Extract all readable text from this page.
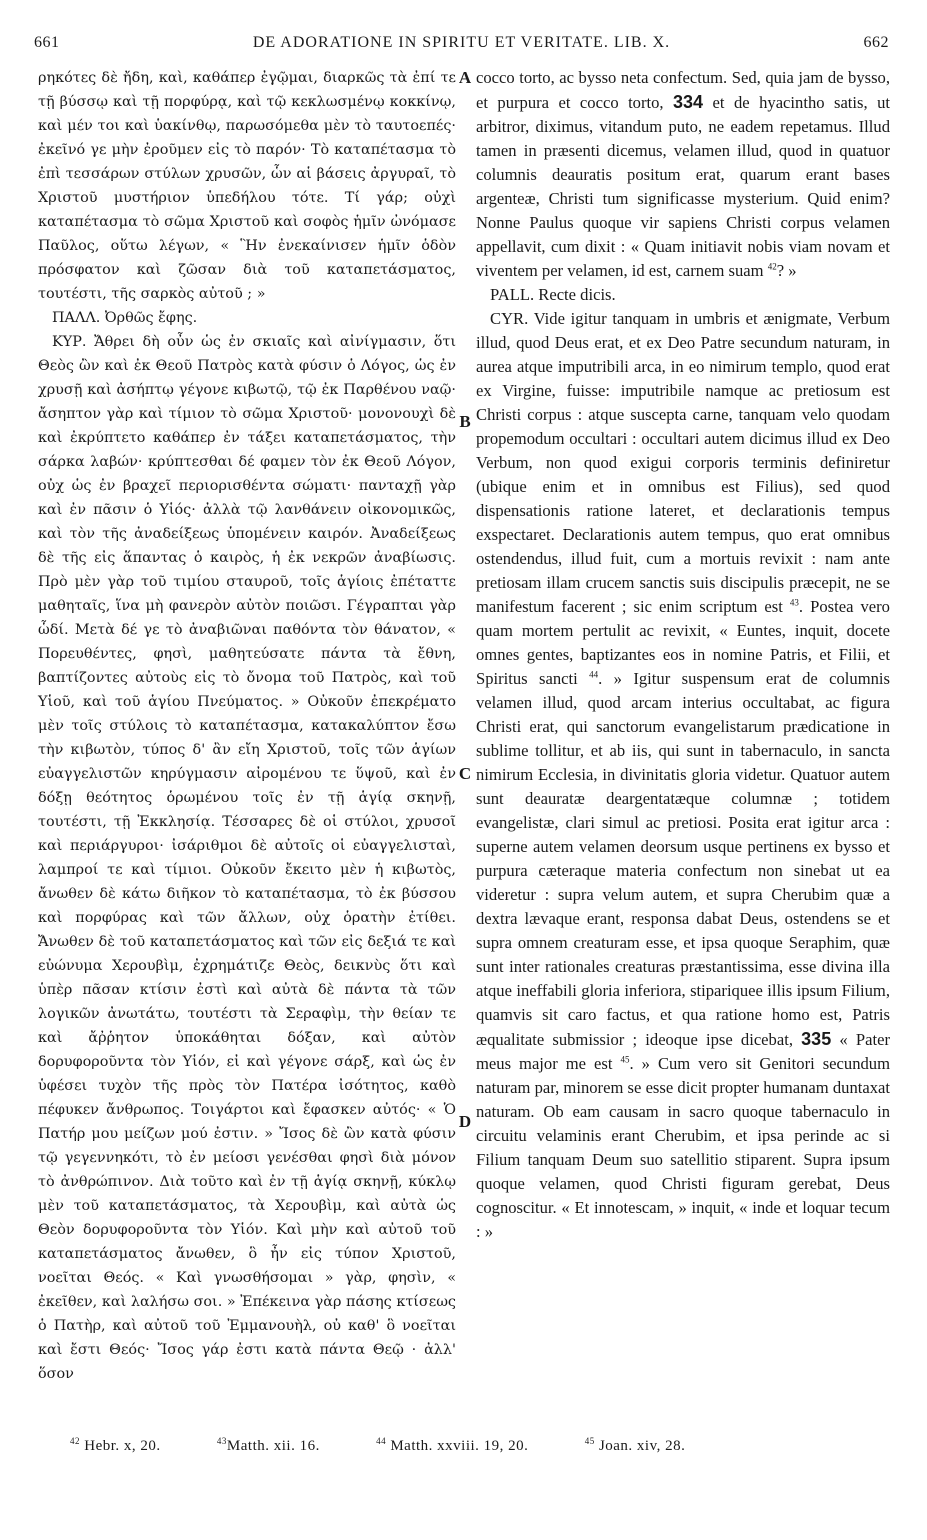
661	DE ADORATIONE IN SPIRITU ET VERITATE. LIB. X.	662

ρηκότες δὲ ἤδη, καὶ, καθάπερ ἐγῷμαι, διαρκῶς τὰ ἐπί τε τῇ βύσσῳ καὶ τῇ πορφύρᾳ, καὶ τῷ κεκλωσμένῳ κοκκίνῳ, καὶ μέν τοι καὶ ὑακίνθῳ, παρωσόμεθα μὲν τὸ ταυτοεπές· ἐκεῖνό γε μὴν ἐροῦμεν εἰς τὸ παρόν· Τὸ καταπέτασμα τὸ ἐπὶ τεσσάρων στύλων χρυσῶν, ὧν αἱ βάσεις ἀργυραῖ, τὸ Χριστοῦ μυστήριον ὑπεδήλου τότε. Τί γάρ; οὐχὶ καταπέτασμα τὸ σῶμα Χριστοῦ καὶ σοφὸς ἡμῖν ὠνόμασε Παῦλος, οὕτω λέγων, « Ἣν ἐνεκαίνισεν ἡμῖν ὁδὸν πρόσφατον καὶ ζῶσαν διὰ τοῦ καταπετάσματος, τουτέστι, τῆς σαρκὸς αὐτοῦ ; »

ΠΑΛΛ. Ὀρθῶς ἔφης.

ΚΥΡ. Ἄθρει δὴ οὖν ὡς ἐν σκιαῖς καὶ αἰνίγμασιν, ὅτι Θεὸς ὢν καὶ ἐκ Θεοῦ Πατρὸς κατὰ φύσιν ὁ Λόγος, ὡς ἐν χρυσῇ καὶ ἀσήπτῳ γέγονε κιβωτῷ, τῷ ἐκ Παρθένου ναῷ· ἄσηπτον γὰρ καὶ τίμιον τὸ σῶμα Χριστοῦ· μονονουχὶ δὲ καὶ ἐκρύπτετο καθάπερ ἐν τάξει καταπετάσματος, τὴν σάρκα λαβών· κρύπτεσθαι δέ φαμεν τὸν ἐκ Θεοῦ Λόγον, οὐχ ὡς ἐν βραχεῖ περιορισθέντα σώματι· πανταχῇ γὰρ καὶ ἐν πᾶσιν ὁ Υἱός· ἀλλὰ τῷ λανθάνειν οἰκονομικῶς, καὶ τὸν τῆς ἀναδείξεως ὑπομένειν καιρόν. Ἀναδείξεως δὲ τῆς εἰς ἅπαντας ὁ καιρὸς, ἡ ἐκ νεκρῶν ἀναβίωσις. Πρὸ μὲν γὰρ τοῦ τιμίου σταυροῦ, τοῖς ἁγίοις ἐπέταττε μαθηταῖς, ἵνα μὴ φανερὸν αὐτὸν ποιῶσι. Γέγραπται γὰρ ὧδί. Μετὰ δέ γε τὸ ἀναβιῶναι παθόντα τὸν θάνατον, « Πορευθέντες, φησὶ, μαθητεύσατε πάντα τὰ ἔθνη, βαπτίζοντες αὐτοὺς εἰς τὸ ὄνομα τοῦ Πατρὸς, καὶ τοῦ Υἱοῦ, καὶ τοῦ ἁγίου Πνεύματος. » Οὐκοῦν ἐπεκρέματο μὲν τοῖς στύλοις τὸ καταπέτασμα, κατακαλύπτον ἔσω τὴν κιβωτὸν, τύπος δ' ἂν εἴη Χριστοῦ, τοῖς τῶν ἁγίων εὐαγγελιστῶν κηρύγμασιν αἰρομένου τε ὕψοῦ, καὶ ἐν δόξῃ θεότητος ὁρωμένου τοῖς ἐν τῇ ἁγίᾳ σκηνῇ, τουτέστι, τῇ Ἐκκλησίᾳ. Τέσσαρες δὲ οἱ στύλοι, χρυσοῖ καὶ περιάργυροι· ἰσάριθμοι δὲ αὐτοῖς οἱ εὐαγγελισταὶ, λαμπροί τε καὶ τίμιοι. Οὐκοῦν ἔκειτο μὲν ἡ κιβωτὸς, ἄνωθεν δὲ κάτω διῆκον τὸ καταπέτασμα, τὸ ἐκ βύσσου καὶ πορφύρας καὶ τῶν ἄλλων, οὐχ ὁρατὴν ἐτίθει. Ἄνωθεν δὲ τοῦ καταπετάσματος καὶ τῶν εἰς δεξιά τε καὶ εὐώνυμα Χερουβὶμ, ἐχρημάτιζε Θεὸς, δεικνὺς ὅτι καὶ ὑπὲρ πᾶσαν κτίσιν ἐστὶ καὶ αὐτὰ δὲ πάντα τὰ τῶν λογικῶν ἀνωτάτω, τουτέστι τὰ Σεραφὶμ, τὴν θείαν τε καὶ ἄῤῥητον ὑποκάθηται δόξαν, καὶ αὐτὸν δορυφοροῦντα τὸν Υἱόν, εἰ καὶ γέγονε σάρξ, καὶ ὡς ἐν ὑφέσει τυχὸν τῆς πρὸς τὸν Πατέρα ἰσότητος, καθὸ πέφυκεν ἄνθρωπος. Τοιγάρτοι καὶ ἔφασκεν αὐτός· « Ὁ Πατήρ μου μείζων μού ἐστιν. » Ἴσος δὲ ὢν κατὰ φύσιν τῷ γεγεννηκότι, τὸ ἐν μείοσι γενέσθαι φησὶ διὰ μόνον τὸ ἀνθρώπινον. Διὰ τοῦτο καὶ ἐν τῇ ἁγίᾳ σκηνῇ, κύκλῳ μὲν τοῦ καταπετάσματος, τὰ Χερουβὶμ, καὶ αὐτὰ ὡς Θεὸν δορυφοροῦντα τὸν Υἱόν. Καὶ μὴν καὶ αὐτοῦ τοῦ καταπετάσματος ἄνωθεν, ὃ ἦν εἰς τύπον Χριστοῦ, νοεῖται Θεός. « Καὶ γνωσθήσομαι » γὰρ, φησὶν, « ἐκεῖθεν, καὶ λαλήσω σοι. » Ἐπέκεινα γὰρ πάσης κτίσεως ὁ Πατὴρ, καὶ αὐτοῦ τοῦ Ἐμμανουὴλ, οὐ καθ' ὃ νοεῖται καὶ ἔστι Θεός· Ἴσος γάρ ἐστι κατὰ πάντα Θεῷ · ἀλλ' ὅσον

A
B
C
D

cocco torto, ac bysso neta confectum. Sed, quia jam de bysso, et purpura et cocco torto, 334 et de hyacintho satis, ut arbitror, diximus, vitandum puto, ne eadem repetamus. Illud tamen in præsenti dicemus, velamen illud, quod in quatuor columnis deauratis positum erat, quarum erant bases argenteæ, Christi tum significasse mysterium. Quid enim? Nonne Paulus quoque vir sapiens Christi corpus velamen appellavit, cum dixit : « Quam initiavit nobis viam novam et viventem per velamen, id est, carnem suam $^{42}$? »

PALL. Recte dicis.

CYR. Vide igitur tanquam in umbris et ænigmate, Verbum illud, quod Deus erat, et ex Deo Patre secundum naturam, in aurea atque imputribili arca, in eo nimirum templo, quod erat ex Virgine, fuisse: imputribile namque ac pretiosum est Christi corpus : atque suscepta carne, tanquam velo quodam propemodum occultari : occultari autem dicimus illud ex Deo Verbum, non quod exigui corporis terminis definiretur (ubique enim et in omnibus est Filius), sed quod dispensationis ratione lateret, et declarationis tempus exspectaret. Declarationis autem tempus, quo erat omnibus ostendendus, illud fuit, cum a mortuis revixit : nam ante pretiosam illam crucem sanctis suis discipulis præcepit, ne se manifestum facerent ; sic enim scriptum est $^{43}$. Postea vero quam mortem pertulit ac revixit, « Euntes, inquit, docete omnes gentes, baptizantes eos in nomine Patris, et Filii, et Spiritus sancti $^{44}$. » Igitur suspensum erat de columnis velamen illud, quod arcam interius occultabat, ac figura Christi erat, qui sanctorum evangelistarum prædicatione in sublime tollitur, et ab iis, qui sunt in tabernaculo, in sancta nimirum Ecclesia, in divinitatis gloria videtur. Quatuor autem sunt deauratæ deargentatæque columnæ ; totidem evangelistæ, clari simul ac pretiosi. Posita erat igitur arca : superne autem velamen deorsum usque pertinens ex bysso et purpura cæteraque materia confectum non sinebat ut ea videretur : supra velum autem, et supra Cherubim quæ a dextra lævaque erant, responsa dabat Deus, ostendens se et supra omnem creaturam esse, et ipsa quoque Seraphim, quæ sunt inter rationales creaturas præstantissima, esse divina illa atque ineffabili gloria inferiora, stipariquee illis ipsum Filium, quamvis sit caro factus, et qua ratione homo est, Patris æqualitate submissior ; ideoque ipse dicebat, 335 « Pater meus major me est $^{45}$. » Cum vero sit Genitori secundum naturam par, minorem se esse dicit propter humanam duntaxat naturam. Ob eam causam in sacro quoque tabernaculo in circuitu velaminis erant Cherubim, et ipsa perinde ac si Filium tanquam Deum suo satellitio stiparent. Supra ipsum quoque velamen, quod Christi figuram gerebat, Deus cognoscitur. « Et innotescam, » inquit, « inde et loquar tecum : »

$^{42}$ Hebr. x, 20.	$^{43}$Matth. xii. 16.	$^{44}$ Matth. xxviii. 19, 20.	$^{45}$ Joan. xiv, 28.
